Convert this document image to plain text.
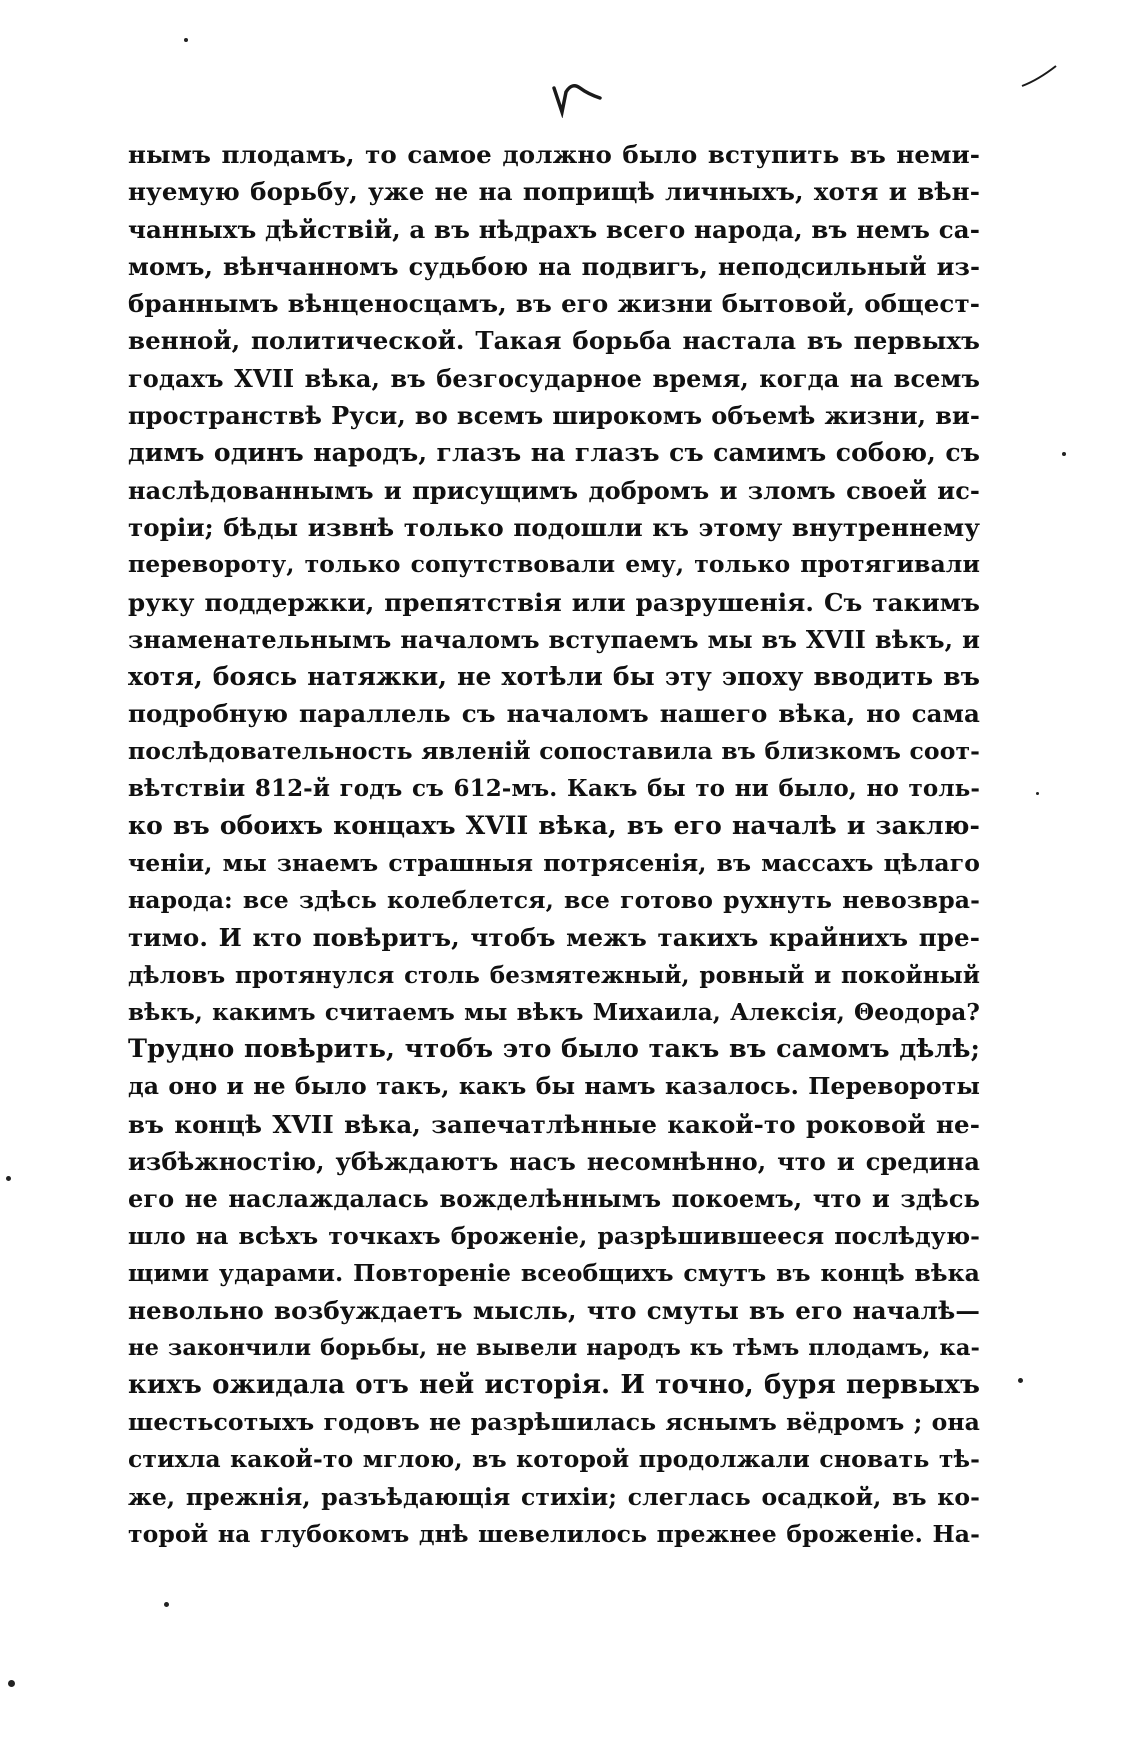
нымъ плодамъ, то самое должно было вступить въ неми-
нуемую борьбу, уже не на поприщѣ личныхъ, хотя и вѣн-
чанныхъ дѣйствій, а въ нѣдрахъ всего народа, въ немъ са-
момъ, вѣнчанномъ судьбою на подвигъ, неподсильный из-
браннымъ вѣнценосцамъ, въ его жизни бытовой, общест-
венной, политической. Такая борьба настала въ первыхъ
годахъ XVII вѣка, въ безгосударное время, когда на всемъ
пространствѣ Руси, во всемъ широкомъ объемѣ жизни, ви-
димъ одинъ народъ, глазъ на глазъ съ самимъ собою, съ
наслѣдованнымъ и присущимъ добромъ и зломъ своей ис-
торіи; бѣды извнѣ только подошли къ этому внутреннему
перевороту, только сопутствовали ему, только протягивали
руку поддержки, препятствія или разрушенія. Съ такимъ
знаменательнымъ началомъ вступаемъ мы въ XVII вѣкъ, и
хотя, боясь натяжки, не хотѣли бы эту эпоху вводить въ
подробную параллель съ началомъ нашего вѣка, но сама
послѣдовательность явленій сопоставила въ близкомъ соот-
вѣтствіи 812-й годъ съ 612-мъ. Какъ бы то ни было, но толь-
ко въ обоихъ концахъ XVII вѣка, въ его началѣ и заклю-
ченіи, мы знаемъ страшныя потрясенія, въ массахъ цѣлаго
народа: все здѣсь колеблется, все готово рухнуть невозвра-
тимо. И кто повѣритъ, чтобъ межъ такихъ крайнихъ пре-
дѣловъ протянулся столь безмятежный, ровный и покойный
вѣкъ, какимъ считаемъ мы вѣкъ Михаила, Алексія, Θеодора?
Трудно повѣрить, чтобъ это было такъ въ самомъ дѣлѣ;
да оно и не было такъ, какъ бы намъ казалось. Перевороты
въ концѣ XVII вѣка, запечатлѣнные какой-то роковой не-
избѣжностію, убѣждаютъ насъ несомнѣнно, что и средина
его не наслаждалась вожделѣннымъ покоемъ, что и здѣсь
шло на всѣхъ точкахъ броженіе, разрѣшившееся послѣдую-
щими ударами. Повтореніе всеобщихъ смутъ въ концѣ вѣка
невольно возбуждаетъ мысль, что смуты въ его началѣ—
не закончили борьбы, не вывели народъ къ тѣмъ плодамъ, ка-
кихъ ожидала отъ ней исторія. И точно, буря первыхъ
шестьсотыхъ годовъ не разрѣшилась яснымъ вёдромъ ; она
стихла какой-то мглою, въ которой продолжали сновать тѣ-
же, прежнія, разъѣдающія стихіи; слеглась осадкой, въ ко-
торой на глубокомъ днѣ шевелилось прежнее броженіе. На-
